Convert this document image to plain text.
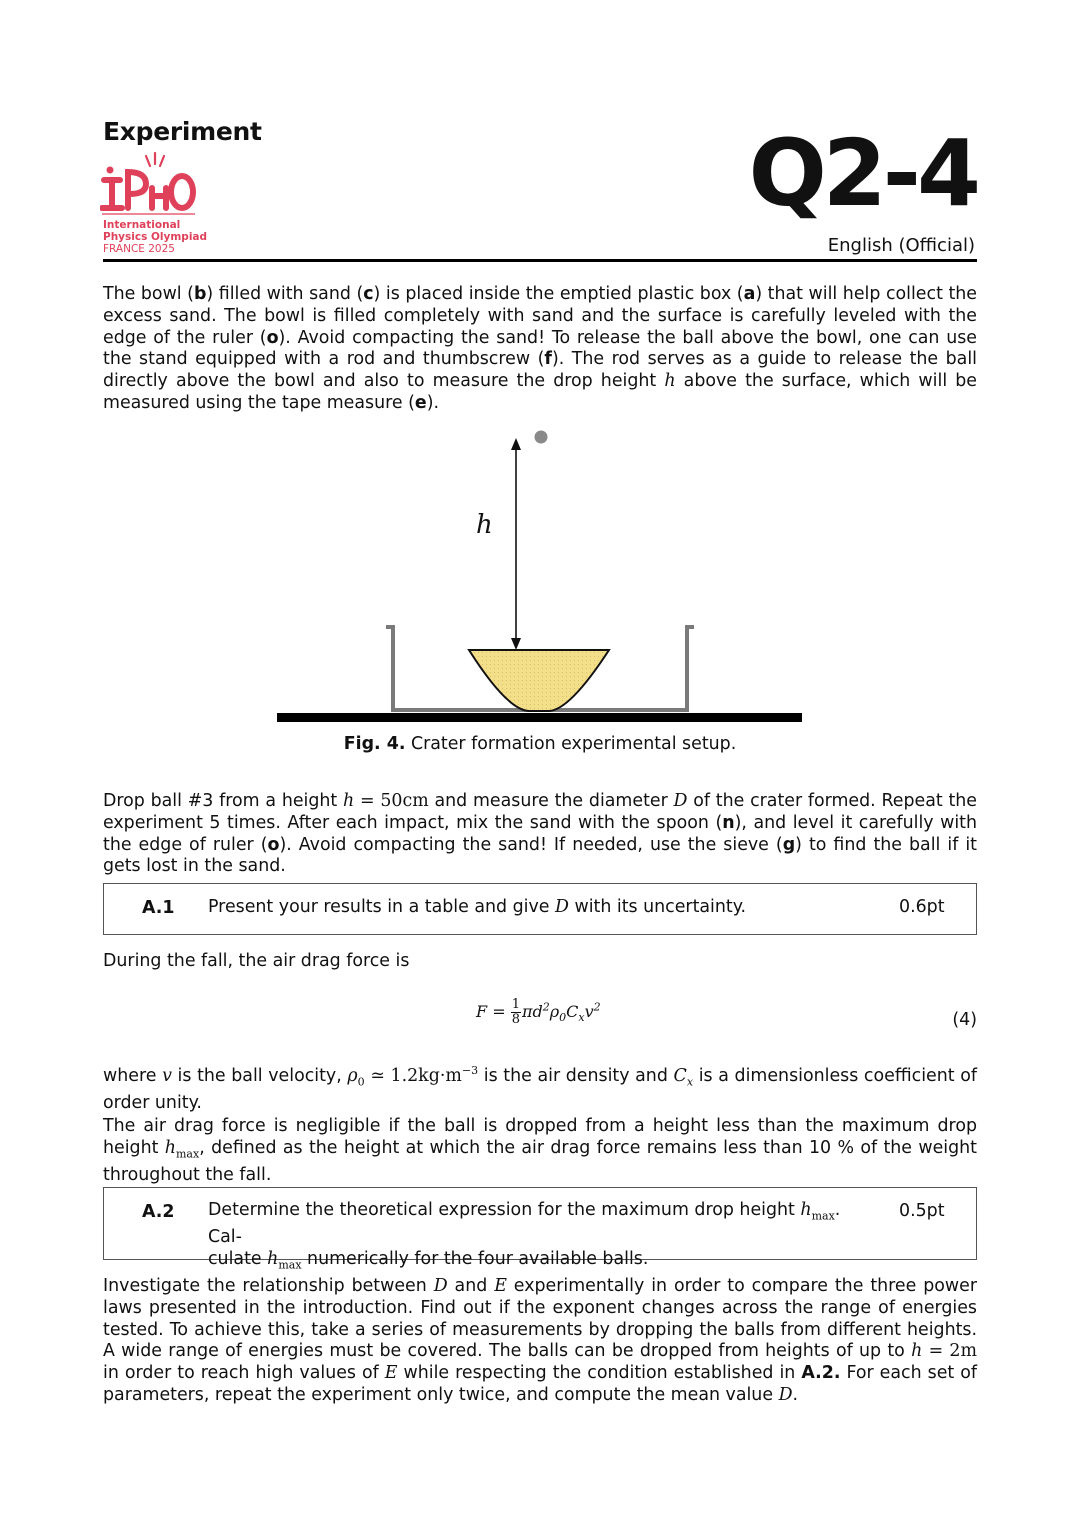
Experiment
International
Physics Olympiad
FRANCE 2025
Q2-4
English (Official)
The bowl (b) filled with sand (c) is placed inside the emptied plastic box (a) that will help collect the excess sand. The bowl is filled completely with sand and the surface is carefully leveled with the edge of the ruler (o). Avoid compacting the sand! To release the ball above the bowl, one can use the stand equipped with a rod and thumbscrew (f). The rod serves as a guide to release the ball directly above the bowl and also to measure the drop height h above the surface, which will be measured using the tape measure (e).
h
Fig. 4. Crater formation experimental setup.
Drop ball #3 from a height h = 50cm and measure the diameter D of the crater formed. Repeat the experiment 5 times. After each impact, mix the sand with the spoon (n), and level it carefully with the edge of ruler (o). Avoid compacting the sand! If needed, use the sieve (g) to find the ball if it gets lost in the sand.
A.1 Present your results in a table and give D with its uncertainty.	0.6pt
During the fall, the air drag force is
$F = \frac{1}{8} \pi d^2\rho_0C_xv^2$
(4)
where v is the ball velocity, $\rho_0$ ≃ $1.2kg\cdot m^{-3}$ is the air density and $C_x$ is a dimensionless coefficient of order unity.
The air drag force is negligible if the ball is dropped from a height less than the maximum drop height $h_{max}$, defined as the height at which the air drag force remains less than 10 % of the weight throughout the fall.
A.2 Determine the theoretical expression for the maximum drop height $h_{max}$. Cal-
culate $h_{max}$ numerically for the four available balls.
0.5pt
Investigate the relationship between D and E experimentally in order to compare the three power laws presented in the introduction. Find out if the exponent changes across the range of energies tested. To achieve this, take a series of measurements by dropping the balls from different heights. A wide range of energies must be covered. The balls can be dropped from heights of up to h = 2m in order to reach high values of E while respecting the condition established in A.2. For each set of parameters, repeat the experiment only twice, and compute the mean value D.
